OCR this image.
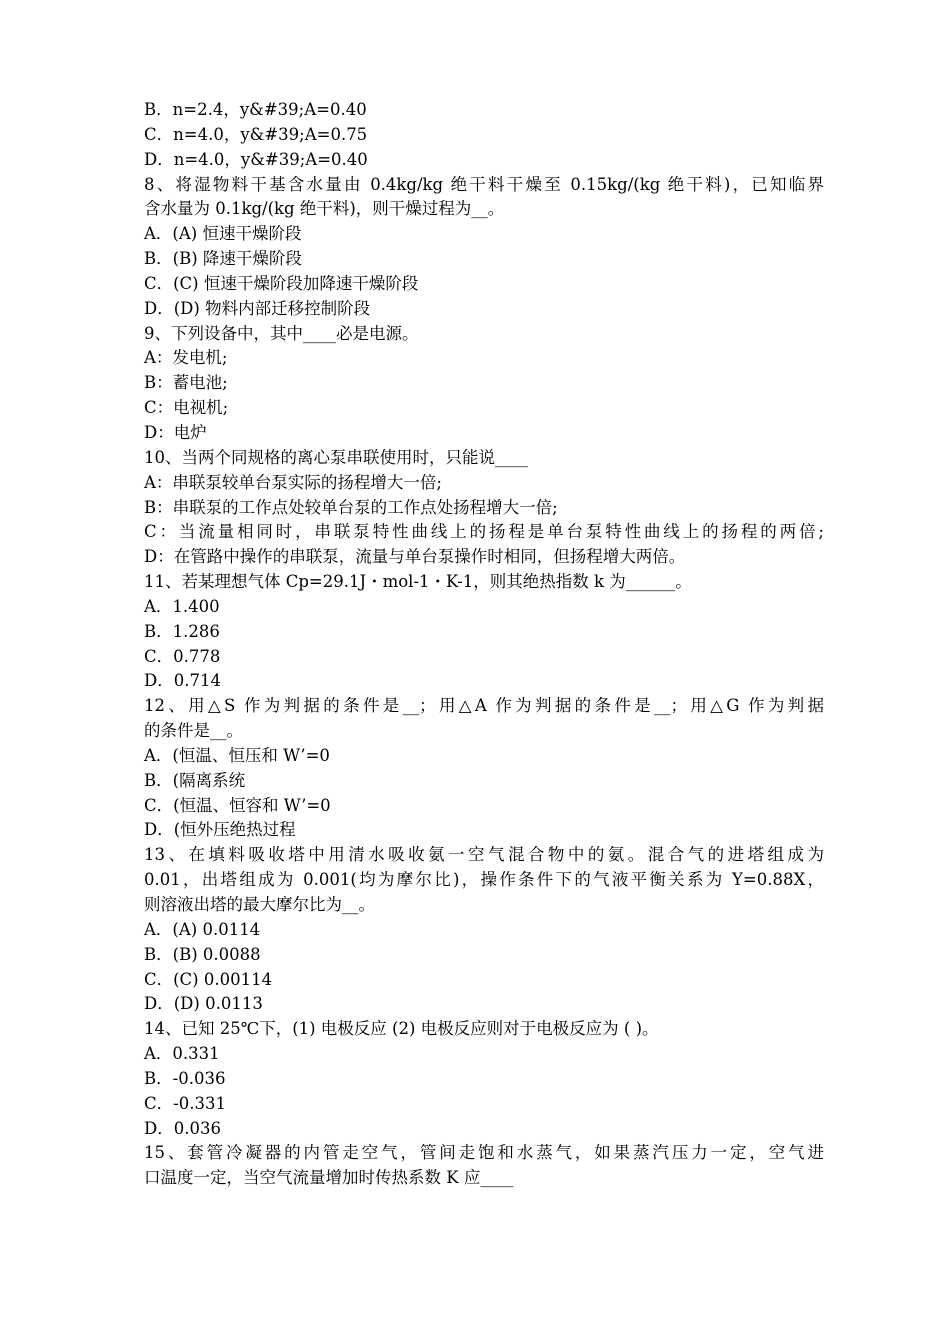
B．n=2.4，y&#39;A=0.40
C．n=4.0，y&#39;A=0.75
D．n=4.0，y&#39;A=0.40
8、将湿物料干基含水量由 0.4kg/kg 绝干料干燥至 0.15kg/(kg 绝干料)，已知临界
含水量为 0.1kg/(kg 绝干料)，则干燥过程为__。
A．(A) 恒速干燥阶段
B．(B) 降速干燥阶段
C．(C) 恒速干燥阶段加降速干燥阶段
D．(D) 物料内部迁移控制阶段
9、下列设备中，其中____必是电源。
A：发电机;
B：蓄电池;
C：电视机;
D：电炉
10、当两个同规格的离心泵串联使用时，只能说____
A：串联泵较单台泵实际的扬程增大一倍;
B：串联泵的工作点处较单台泵的工作点处扬程增大一倍;
C：当流量相同时，串联泵特性曲线上的扬程是单台泵特性曲线上的扬程的两倍;
D：在管路中操作的串联泵，流量与单台泵操作时相同，但扬程增大两倍。
11、若某理想气体 Cp=29.1J・mol-1・K-1，则其绝热指数 k 为______。
A．1.400
B．1.286
C．0.778
D．0.714
12、用△S 作为判据的条件是__；用△A 作为判据的条件是__；用△G 作为判据
的条件是__。
A．(恒温、恒压和 W’=0
B．(隔离系统
C．(恒温、恒容和 W’=0
D．(恒外压绝热过程
13、在填料吸收塔中用清水吸收氨一空气混合物中的氨。混合气的进塔组成为
0.01，出塔组成为 0.001(均为摩尔比)，操作条件下的气液平衡关系为 Y=0.88X，
则溶液出塔的最大摩尔比为__。
A．(A) 0.0114
B．(B) 0.0088
C．(C) 0.00114
D．(D) 0.0113
14、已知 25℃下，(1) 电极反应 (2) 电极反应则对于电极反应为 ( )。
A．0.331
B．-0.036
C．-0.331
D．0.036
15、套管冷凝器的内管走空气，管间走饱和水蒸气，如果蒸汽压力一定，空气进
口温度一定，当空气流量增加时传热系数 K 应____
